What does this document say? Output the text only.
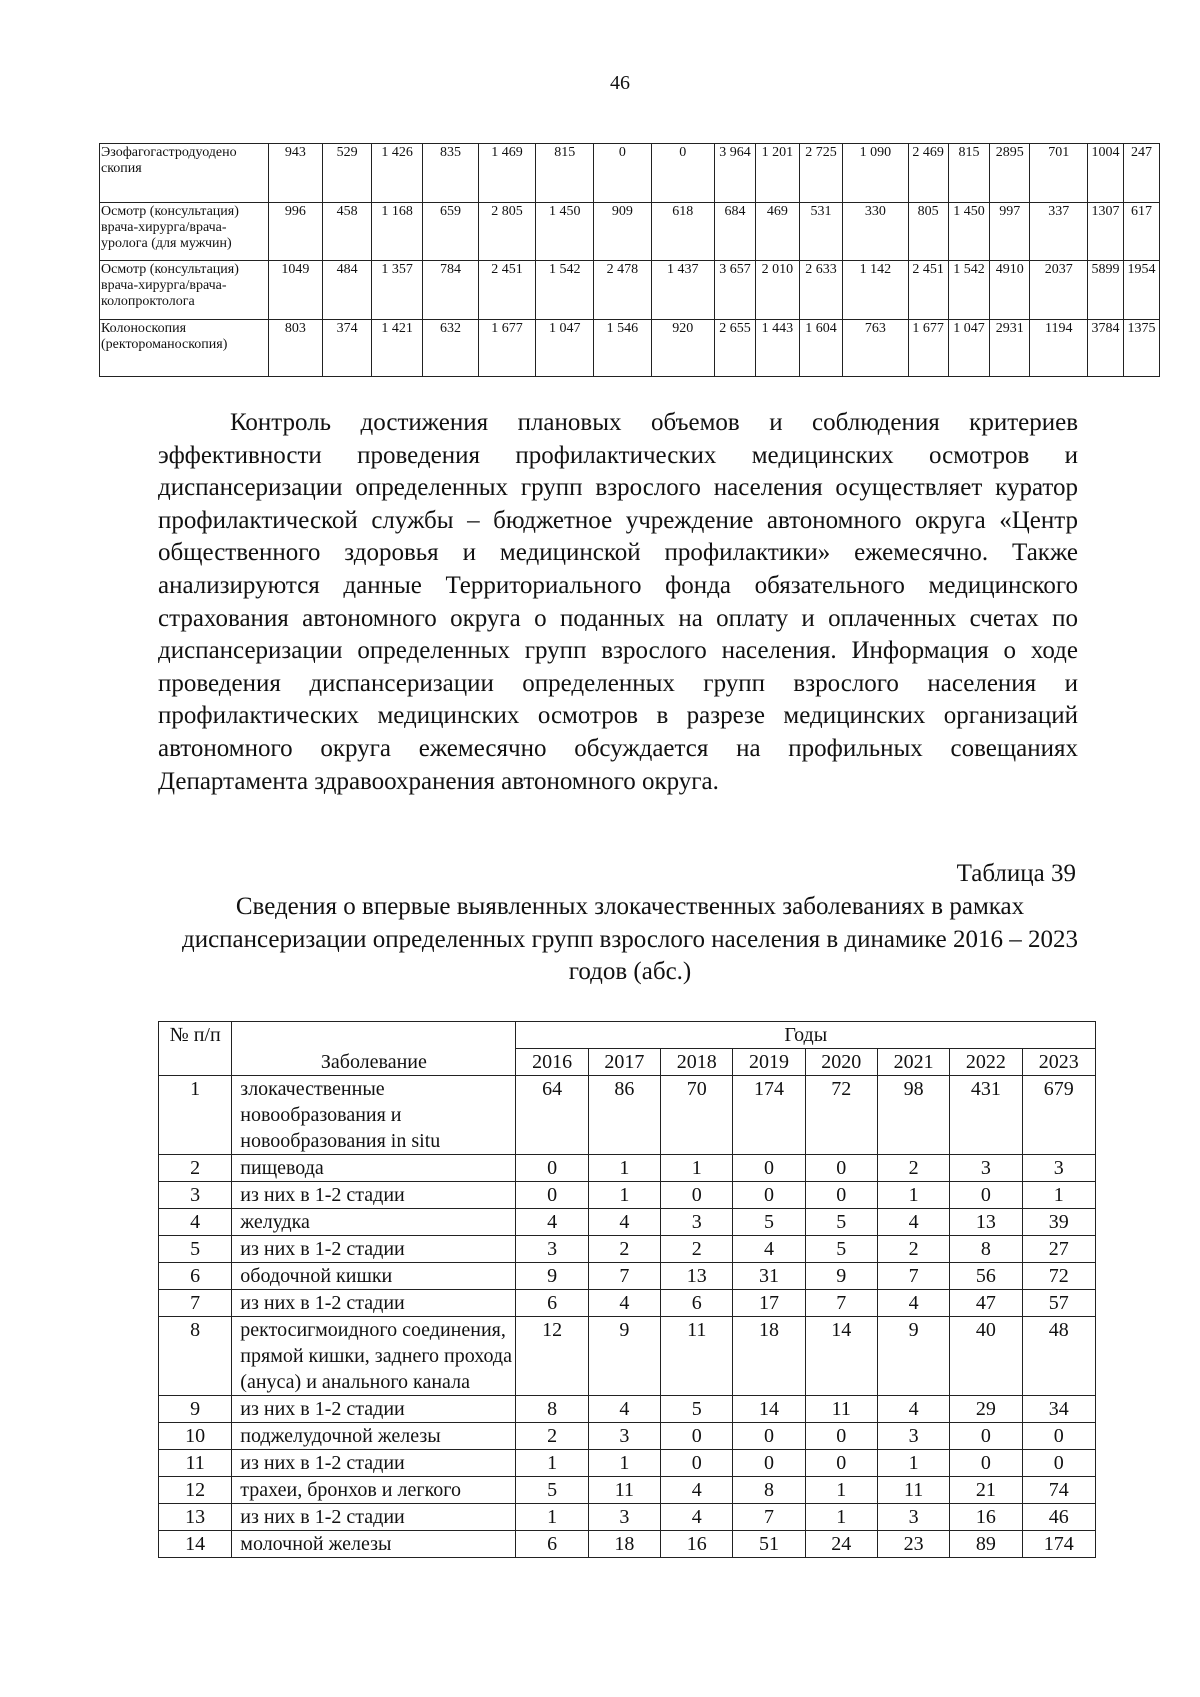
46
Эзофагогастродуодено скопия	943	529	1 426	835	1 469	815	0	0	3 964	1 201	2 725	1 090	2 469	815	2895	701	1004	247
Осмотр (консультация) врача-хирурга/врача-уролога (для мужчин)	996	458	1 168	659	2 805	1 450	909	618	684	469	531	330	805	1 450	997	337	1307	617
Осмотр (консультация) врача-хирурга/врача-колопроктолога	1049	484	1 357	784	2 451	1 542	2 478	1 437	3 657	2 010	2 633	1 142	2 451	1 542	4910	2037	5899	1954
Колоноскопия (ректороманоскопия)	803	374	1 421	632	1 677	1 047	1 546	920	2 655	1 443	1 604	763	1 677	1 047	2931	1194	3784	1375

Контроль достижения плановых объемов и соблюдения критериев эффективности проведения профилактических медицинских осмотров и диспансеризации определенных групп взрослого населения осуществляет куратор профилактической службы – бюджетное учреждение автономного округа «Центр общественного здоровья и медицинской профилактики» ежемесячно. Также анализируются данные Территориального фонда обязательного медицинского страхования автономного округа о поданных на оплату и оплаченных счетах по диспансеризации определенных групп взрослого населения. Информация о ходе проведения диспансеризации определенных групп взрослого населения и профилактических медицинских осмотров в разрезе медицинских организаций автономного округа ежемесячно обсуждается на профильных совещаниях Департамента здравоохранения автономного округа.

Таблица 39

Сведения о впервые выявленных злокачественных заболеваниях в рамках диспансеризации определенных групп взрослого населения в динамике 2016 – 2023 годов (абс.)

№ п/п	Заболевание	Годы							
		2016	2017	2018	2019	2020	2021	2022	2023
1	злокачественные новообразования и новообразования in situ	64	86	70	174	72	98	431	679
2	пищевода	0	1	1	0	0	2	3	3
3	из них в 1-2 стадии	0	1	0	0	0	1	0	1
4	желудка	4	4	3	5	5	4	13	39
5	из них в 1-2 стадии	3	2	2	4	5	2	8	27
6	ободочной кишки	9	7	13	31	9	7	56	72
7	из них в 1-2 стадии	6	4	6	17	7	4	47	57
8	ректосигмоидного соединения, прямой кишки, заднего прохода (ануса) и анального канала	12	9	11	18	14	9	40	48
9	из них в 1-2 стадии	8	4	5	14	11	4	29	34
10	поджелудочной железы	2	3	0	0	0	3	0	0
11	из них в 1-2 стадии	1	1	0	0	0	1	0	0
12	трахеи, бронхов и легкого	5	11	4	8	1	11	21	74
13	из них в 1-2 стадии	1	3	4	7	1	3	16	46
14	молочной железы	6	18	16	51	24	23	89	174
